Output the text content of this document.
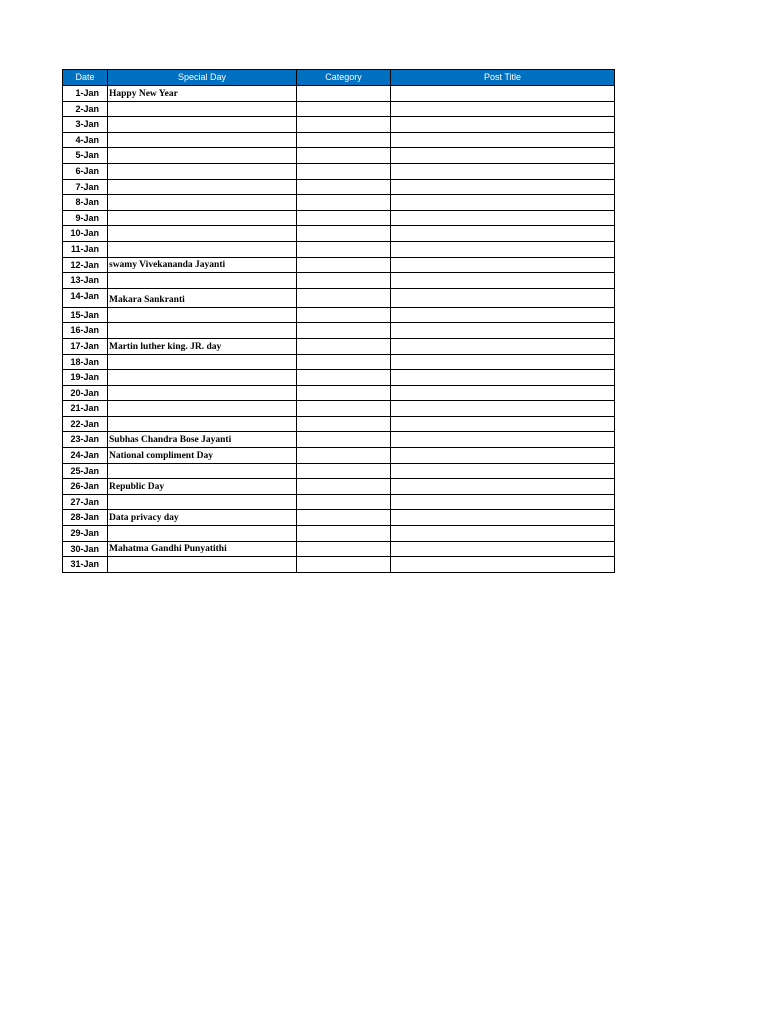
Date	Special Day	Category	Post Title
1-Jan	Happy New Year		
2-Jan			
3-Jan			
4-Jan			
5-Jan			
6-Jan			
7-Jan			
8-Jan			
9-Jan			
10-Jan			
11-Jan			
12-Jan	swamy Vivekananda Jayanti		
13-Jan			
14-Jan	Makara Sankranti		
15-Jan			
16-Jan			
17-Jan	Martin luther king. JR. day		
18-Jan			
19-Jan			
20-Jan			
21-Jan			
22-Jan			
23-Jan	Subhas Chandra Bose Jayanti		
24-Jan	National compliment Day		
25-Jan			
26-Jan	Republic Day		
27-Jan			
28-Jan	Data privacy day		
29-Jan			
30-Jan	Mahatma Gandhi Punyatithi		
31-Jan			
